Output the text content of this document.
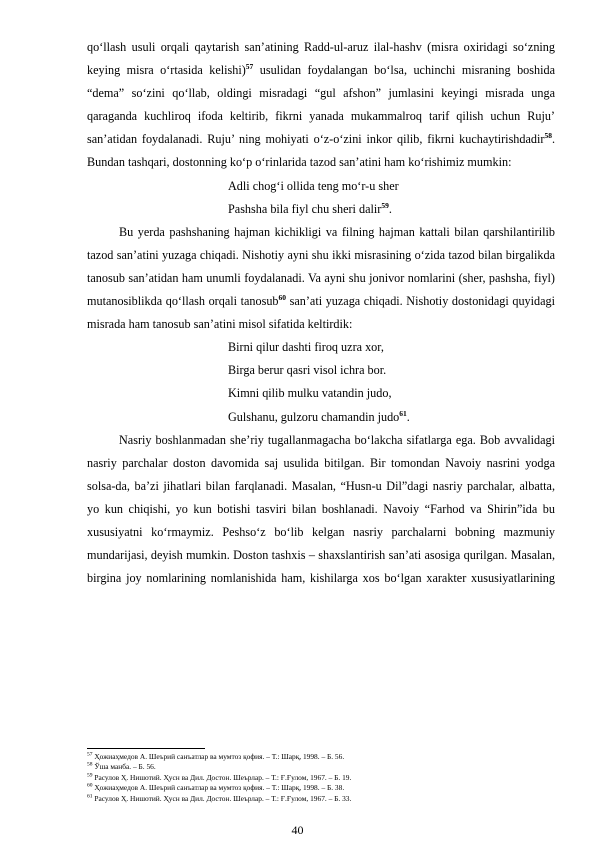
qo‘llash usuli orqali qaytarish san’atining Radd-ul-aruz ilal-hashv (misra oxiridagi so‘zning keying misra o‘rtasida kelishi)$^{57}$ usulidan foydalangan bo‘lsa, uchinchi misraning boshida “dema” so‘zini qo‘llab, oldingi misradagi “gul afshon” jumlasini keyingi misrada unga qaraganda kuchliroq ifoda keltirib, fikrni yanada mukammalroq tarif qilish uchun Ruju’ san’atidan foydalanadi. Ruju’ ning mohiyati o‘z-o‘zini inkor qilib, fikrni kuchaytirishdadir$^{58}$. Bundan tashqari, dostonning ko‘p o‘rinlarida tazod san’atini ham ko‘rishimiz mumkin:

Adli chog‘i ollida teng mo‘r-u sher
Pashsha bila fiyl chu sheri dalir$^{59}$.

Bu yerda pashshaning hajman kichikligi va filning hajman kattali bilan qarshilantirilib tazod san’atini yuzaga chiqadi. Nishotiy ayni shu ikki misrasining o‘zida tazod bilan birgalikda tanosub san’atidan ham unumli foydalanadi. Va ayni shu jonivor nomlarini (sher, pashsha, fiyl) mutanosiblikda qo‘llash orqali tanosub$^{60}$ san’ati yuzaga chiqadi. Nishotiy dostonidagi quyidagi misrada ham tanosub san’atini misol sifatida keltirdik:

Birni qilur dashti firoq uzra xor,
Birga berur qasri visol ichra bor.
Kimni qilib mulku vatandin judo,
Gulshanu, gulzoru chamandin judo$^{61}$.

Nasriy boshlanmadan she’riy tugallanmagacha bo‘lakcha sifatlarga ega. Bob avvalidagi nasriy parchalar doston davomida saj usulida bitilgan. Bir tomondan Navoiy nasrini yodga solsa-da, ba’zi jihatlari bilan farqlanadi. Masalan, “Husn-u Dil”dagi nasriy parchalar, albatta, yo kun chiqishi, yo kun botishi tasviri bilan boshlanadi. Navoiy “Farhod va Shirin”ida bu xususiyatni ko‘rmaymiz. Peshso‘z bo‘lib kelgan nasriy parchalarni bobning mazmuniy mundarijasi, deyish mumkin. Doston tashxis – shaxslantirish san’ati asosiga qurilgan. Masalan, birgina joy nomlarining nomlanishida ham, kishilarga xos bo‘lgan xarakter xususiyatlarining

$^{57}$ Ҳожиаҳмедов А. Шеърий санъатлар ва мумтоз қофия. – Т.: Шарқ, 1998. – Б. 56.

$^{58}$ Ўша манба. – Б. 56.

$^{59}$ Расулов Ҳ. Нишотий. Ҳусн ва Дил. Достон. Шеърлар. – Т.: Ғ.Ғулом, 1967. – Б. 19.

$^{60}$ Ҳожиаҳмедов А. Шеърий санъатлар ва мумтоз қофия. – Т.: Шарқ, 1998. – Б. 38.

$^{61}$ Расулов Ҳ. Нишотий. Ҳусн ва Дил. Достон. Шеърлар. – Т.: Ғ.Ғулом, 1967. – Б. 33.

40
